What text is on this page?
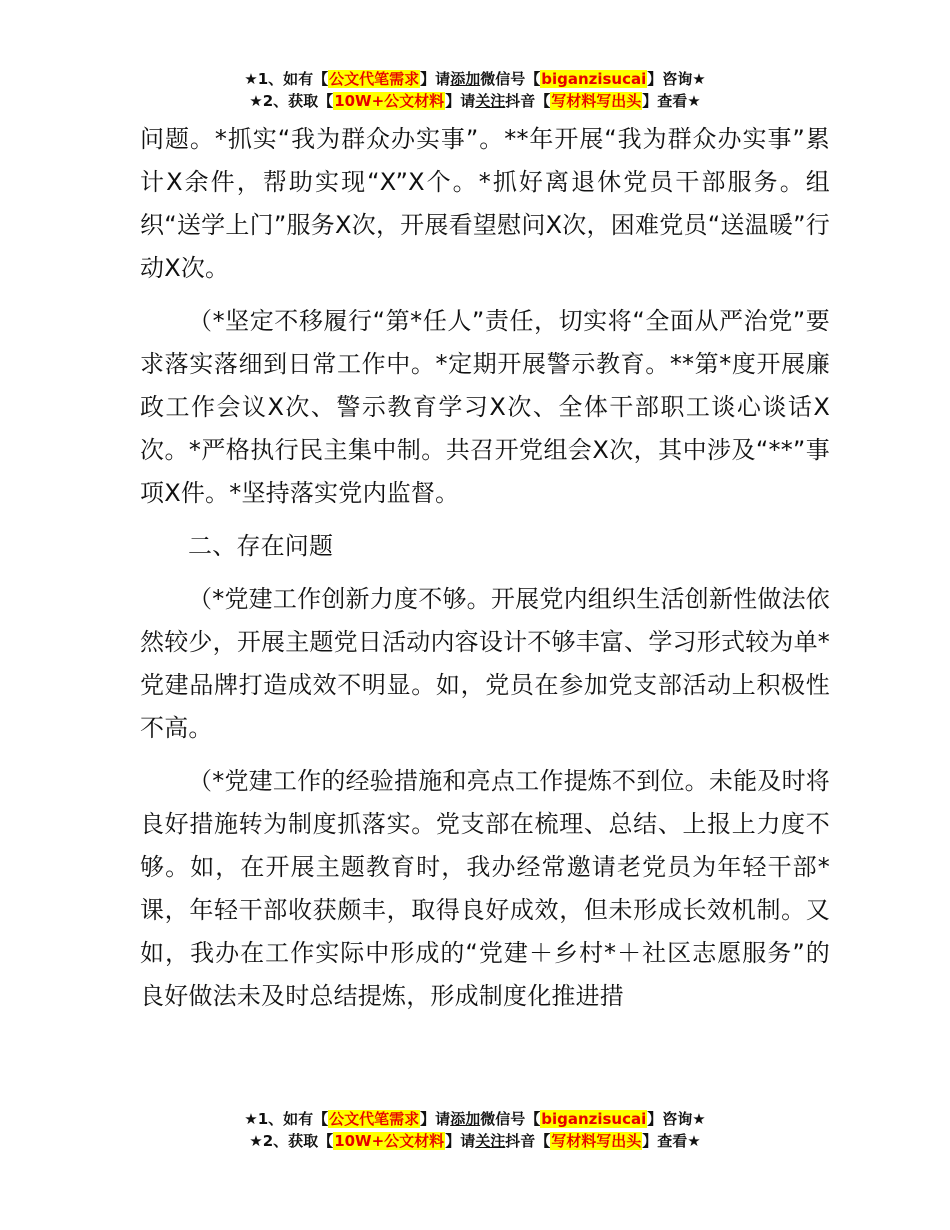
★1、如有【公文代笔需求】请添加微信号【biganzisucai】咨询★
★2、获取【10W+公文材料】请关注抖音【写材料写出头】查看★

问题。*抓实“我为群众办实事”。**年开展“我为群众办实事”累计X余件，帮助实现“X”X个。*抓好离退休党员干部服务。组织“送学上门”服务X次，开展看望慰问X次，困难党员“送温暖”行动X次。

（*坚定不移履行“第*任人”责任，切实将“全面从严治党”要求落实落细到日常工作中。*定期开展警示教育。**第*度开展廉政工作会议X次、警示教育学习X次、全体干部职工谈心谈话X次。*严格执行民主集中制。共召开党组会X次，其中涉及“**”事项X件。*坚持落实党内监督。

二、存在问题

（*党建工作创新力度不够。开展党内组织生活创新性做法依然较少，开展主题党日活动内容设计不够丰富、学习形式较为单*党建品牌打造成效不明显。如，党员在参加党支部活动上积极性不高。

（*党建工作的经验措施和亮点工作提炼不到位。未能及时将良好措施转为制度抓落实。党支部在梳理、总结、上报上力度不够。如，在开展主题教育时，我办经常邀请老党员为年轻干部*课，年轻干部收获颇丰，取得良好成效，但未形成长效机制。又如，我办在工作实际中形成的“党建＋乡村*＋社区志愿服务”的良好做法未及时总结提炼，形成制度化推进措

★1、如有【公文代笔需求】请添加微信号【biganzisucai】咨询★
★2、获取【10W+公文材料】请关注抖音【写材料写出头】查看★
